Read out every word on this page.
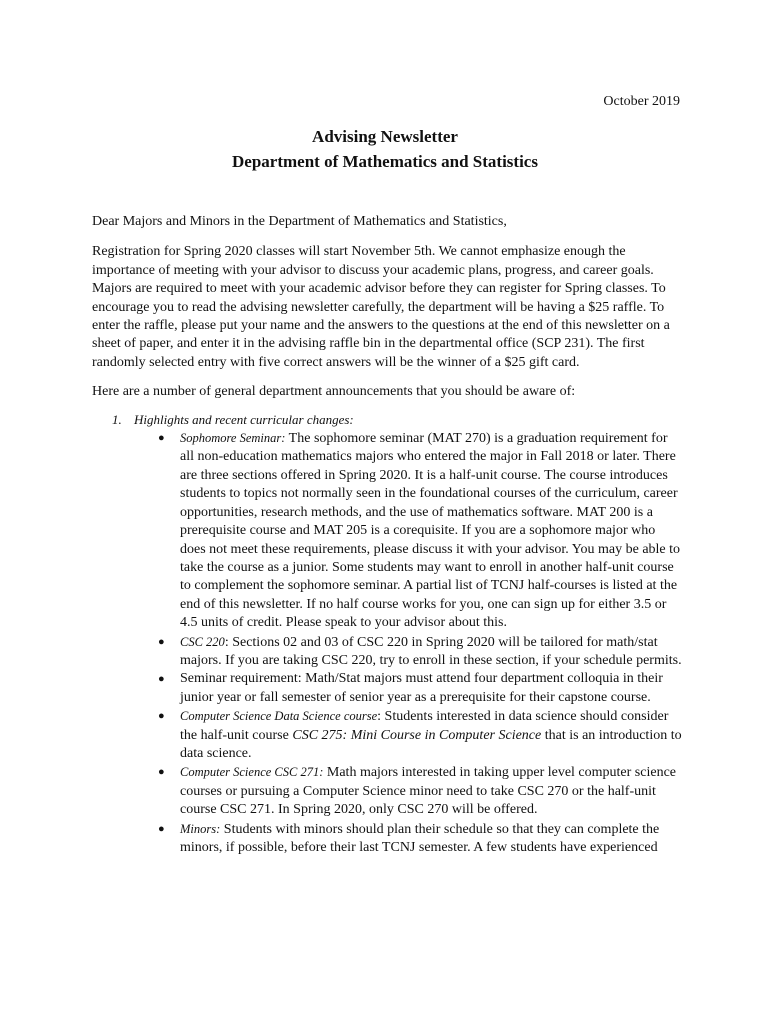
October 2019
Advising Newsletter
Department of Mathematics and Statistics

Dear Majors and Minors in the Department of Mathematics and Statistics,

Registration for Spring 2020 classes will start November 5th. We cannot emphasize enough the importance of meeting with your advisor to discuss your academic plans, progress, and career goals. Majors are required to meet with your academic advisor before they can register for Spring classes. To encourage you to read the advising newsletter carefully, the department will be having a $25 raffle. To enter the raffle, please put your name and the answers to the questions at the end of this newsletter on a sheet of paper, and enter it in the advising raffle bin in the departmental office (SCP 231). The first randomly selected entry with five correct answers will be the winner of a $25 gift card.

Here are a number of general department announcements that you should be aware of:

1. Highlights and recent curricular changes:
● Sophomore Seminar: The sophomore seminar (MAT 270) is a graduation requirement for all non-education mathematics majors who entered the major in Fall 2018 or later. There are three sections offered in Spring 2020. It is a half-unit course. The course introduces students to topics not normally seen in the foundational courses of the curriculum, career opportunities, research methods, and the use of mathematics software. MAT 200 is a prerequisite course and MAT 205 is a corequisite. If you are a sophomore major who does not meet these requirements, please discuss it with your advisor. You may be able to take the course as a junior. Some students may want to enroll in another half-unit course to complement the sophomore seminar. A partial list of TCNJ half-courses is listed at the end of this newsletter. If no half course works for you, one can sign up for either 3.5 or 4.5 units of credit. Please speak to your advisor about this.
● CSC 220: Sections 02 and 03 of CSC 220 in Spring 2020 will be tailored for math/stat majors. If you are taking CSC 220, try to enroll in these section, if your schedule permits.
● Seminar requirement: Math/Stat majors must attend four department colloquia in their junior year or fall semester of senior year as a prerequisite for their capstone course.
● Computer Science Data Science course: Students interested in data science should consider the half-unit course CSC 275: Mini Course in Computer Science that is an introduction to data science.
● Computer Science CSC 271: Math majors interested in taking upper level computer science courses or pursuing a Computer Science minor need to take CSC 270 or the half-unit course CSC 271. In Spring 2020, only CSC 270 will be offered.
● Minors: Students with minors should plan their schedule so that they can complete the minors, if possible, before their last TCNJ semester. A few students have experienced
